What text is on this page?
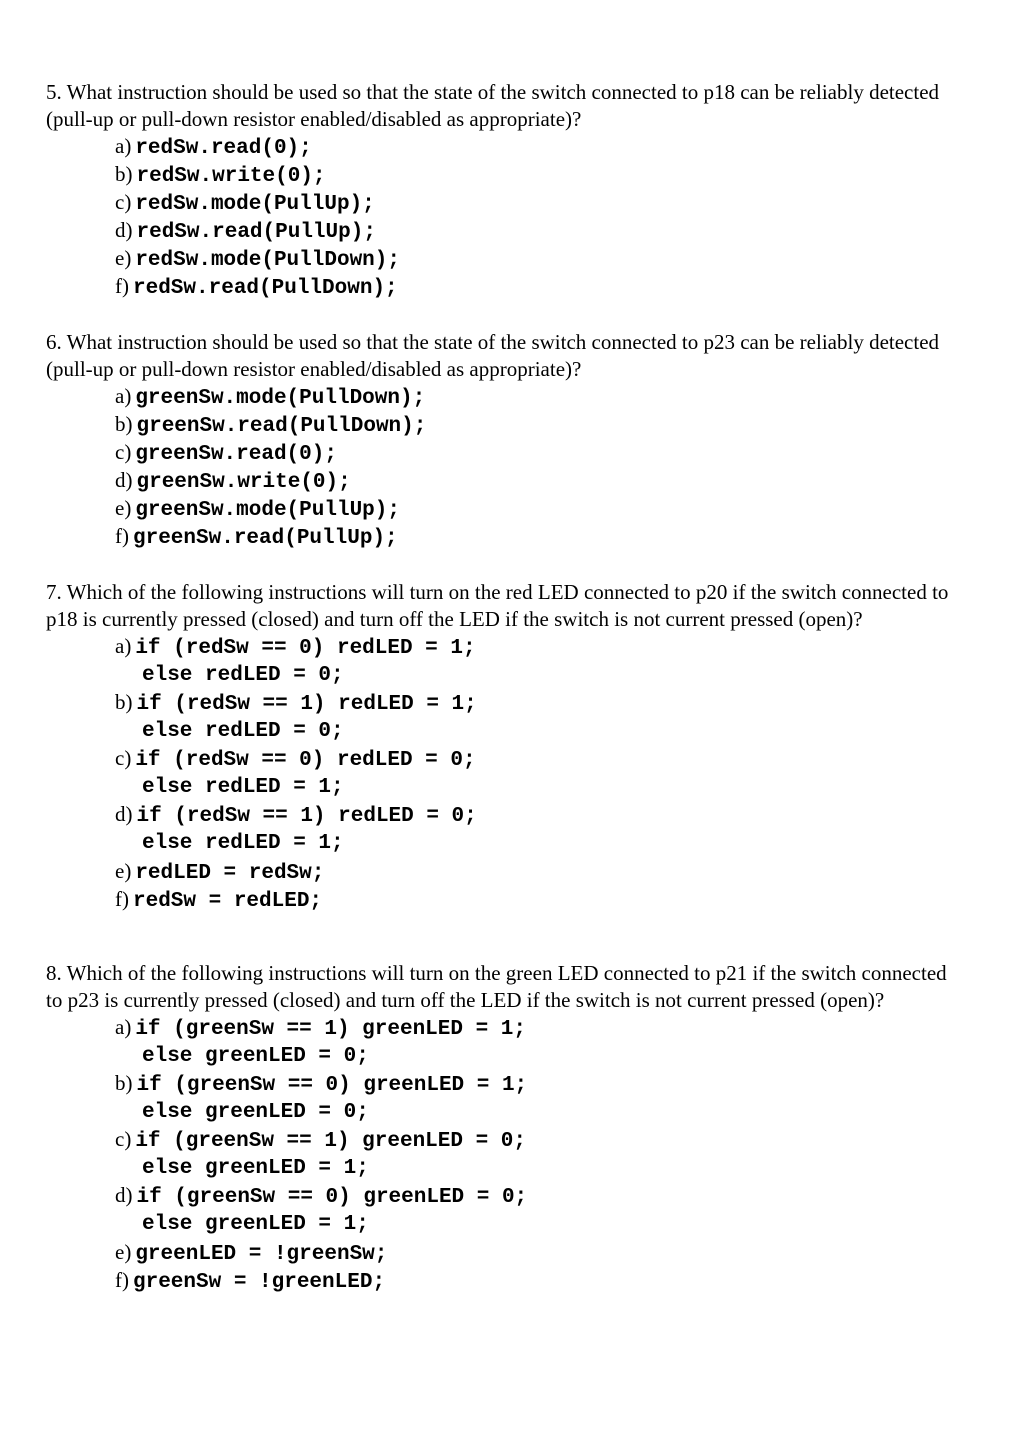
5. What instruction should be used so that the state of the switch connected to p18 can be reliably detected (pull-up or pull-down resistor enabled/disabled as appropriate)?

a) redSw.read(0);
b) redSw.write(0);
c) redSw.mode(PullUp);
d) redSw.read(PullUp);
e) redSw.mode(PullDown);
f) redSw.read(PullDown);

6. What instruction should be used so that the state of the switch connected to p23 can be reliably detected (pull-up or pull-down resistor enabled/disabled as appropriate)?

a) greenSw.mode(PullDown);
b) greenSw.read(PullDown);
c) greenSw.read(0);
d) greenSw.write(0);
e) greenSw.mode(PullUp);
f) greenSw.read(PullUp);

7. Which of the following instructions will turn on the red LED connected to p20 if the switch connected to p18 is currently pressed (closed) and turn off the LED if the switch is not current pressed (open)?

a) if (redSw == 0) redLED = 1;
else redLED = 0;
b) if (redSw == 1) redLED = 1;
else redLED = 0;
c) if (redSw == 0) redLED = 0;
else redLED = 1;
d) if (redSw == 1) redLED = 0;
else redLED = 1;
e) redLED = redSw;
f) redSw = redLED;

8. Which of the following instructions will turn on the green LED connected to p21 if the switch connected to p23 is currently pressed (closed) and turn off the LED if the switch is not current pressed (open)?

a) if (greenSw == 1) greenLED = 1;
else greenLED = 0;
b) if (greenSw == 0) greenLED = 1;
else greenLED = 0;
c) if (greenSw == 1) greenLED = 0;
else greenLED = 1;
d) if (greenSw == 0) greenLED = 0;
else greenLED = 1;
e) greenLED = !greenSw;
f) greenSw = !greenLED;
